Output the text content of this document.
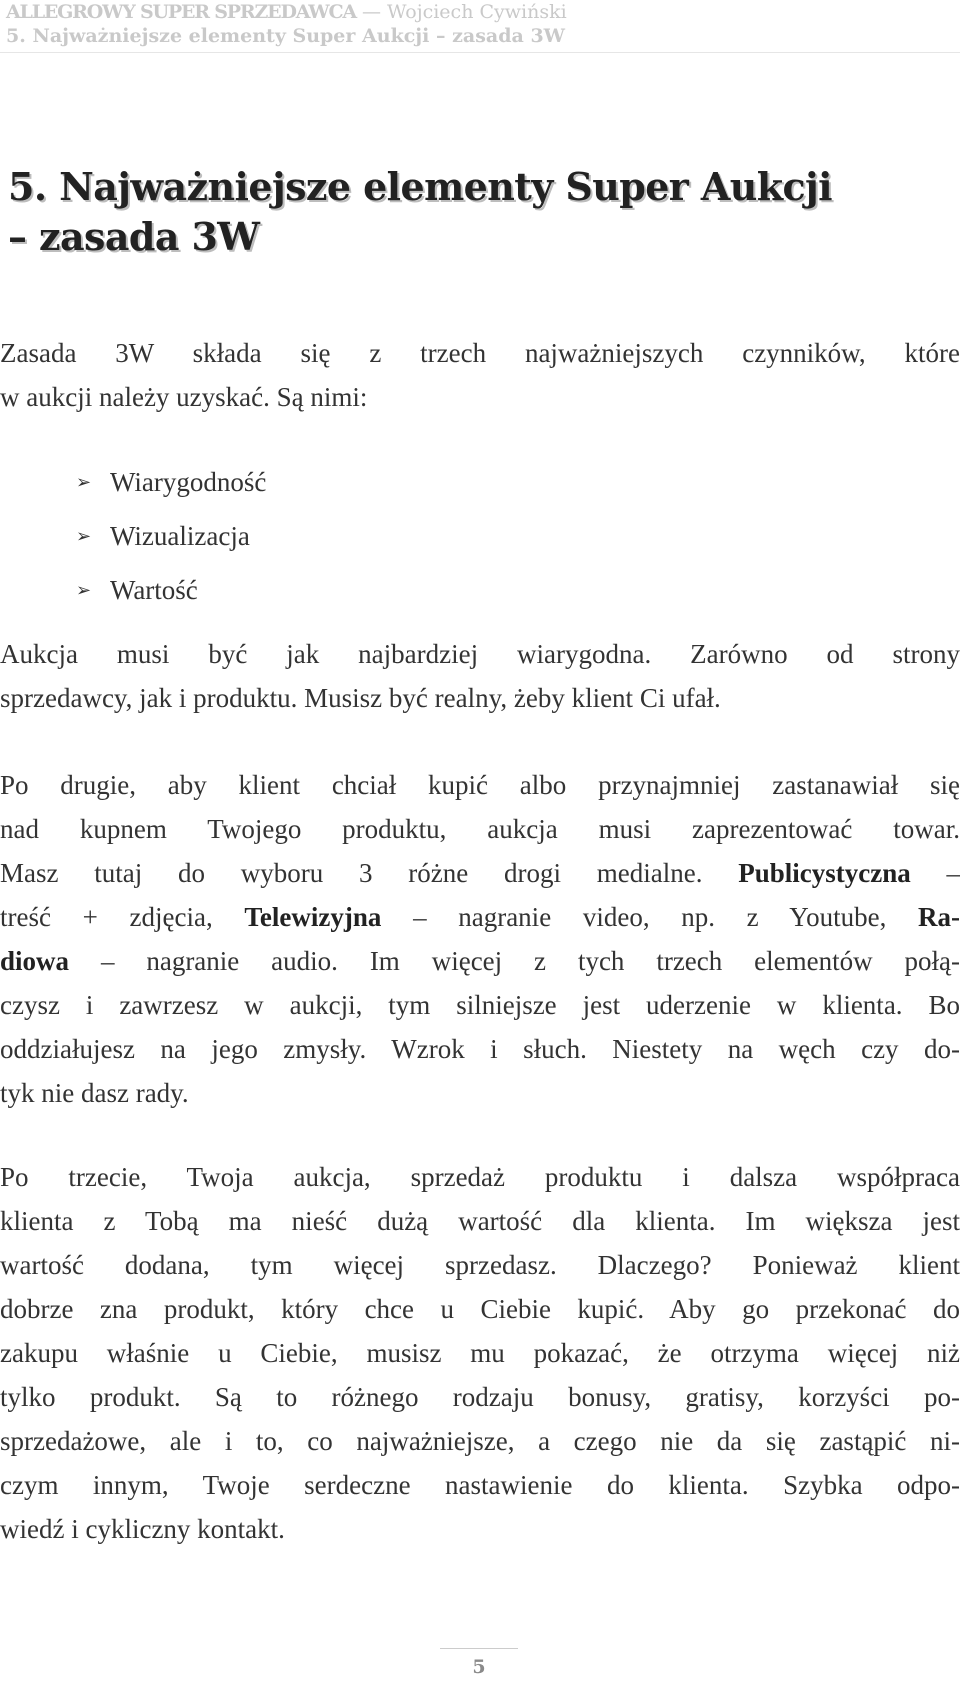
ALLEGROWY SUPER SPRZEDAWCA — Wojciech Cywiński
5. Najważniejsze elementy Super Aukcji – zasada 3W
5. Najważniejsze elementy Super Aukcji
– zasada 3W
Zasada 3W składa się z trzech najważniejszych czynników, które
w aukcji należy uzyskać. Są nimi:
➢ Wiarygodność
➢ Wizualizacja
➢ Wartość
Aukcja musi być jak najbardziej wiarygodna. Zarówno od strony
sprzedawcy, jak i produktu. Musisz być realny, żeby klient Ci ufał.
Po drugie, aby klient chciał kupić albo przynajmniej zastanawiał się
nad kupnem Twojego produktu, aukcja musi zaprezentować towar.
Masz tutaj do wyboru 3 różne drogi medialne. Publicystyczna –
treść + zdjęcia, Telewizyjna – nagranie video, np. z Youtube, Ra-
diowa – nagranie audio. Im więcej z tych trzech elementów połą-
czysz i zawrzesz w aukcji, tym silniejsze jest uderzenie w klienta. Bo
oddziałujesz na jego zmysły. Wzrok i słuch. Niestety na węch czy do-
tyk nie dasz rady.
Po trzecie, Twoja aukcja, sprzedaż produktu i dalsza współpraca
klienta z Tobą ma nieść dużą wartość dla klienta. Im większa jest
wartość dodana, tym więcej sprzedasz. Dlaczego? Ponieważ klient
dobrze zna produkt, który chce u Ciebie kupić. Aby go przekonać do
zakupu właśnie u Ciebie, musisz mu pokazać, że otrzyma więcej niż
tylko produkt. Są to różnego rodzaju bonusy, gratisy, korzyści po-
sprzedażowe, ale i to, co najważniejsze, a czego nie da się zastąpić ni-
czym innym, Twoje serdeczne nastawienie do klienta. Szybka odpo-
wiedź i cykliczny kontakt.
5
